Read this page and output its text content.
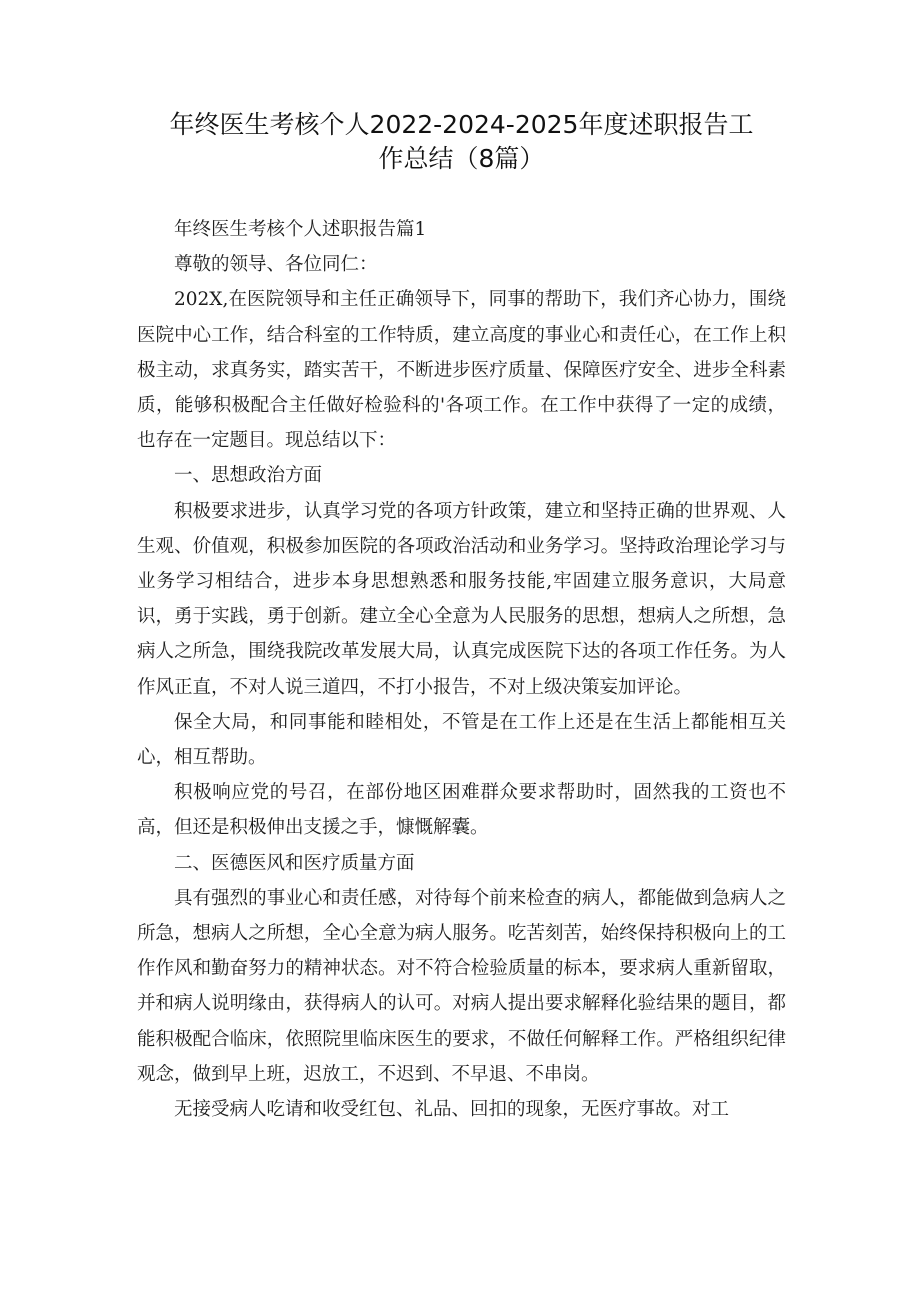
年终医生考核个人2022-2024-2025年度述职报告工
作总结（8篇）

年终医生考核个人述职报告篇1

尊敬的领导、各位同仁：

202X,在医院领导和主任正确领导下，同事的帮助下，我们齐心协力，围绕医院中心工作，结合科室的工作特质，建立高度的事业心和责任心，在工作上积极主动，求真务实，踏实苦干，不断进步医疗质量、保障医疗安全、进步全科素质，能够积极配合主任做好检验科的'各项工作。在工作中获得了一定的成绩，也存在一定题目。现总结以下：

一、思想政治方面

积极要求进步，认真学习党的各项方针政策，建立和坚持正确的世界观、人生观、价值观，积极参加医院的各项政治活动和业务学习。坚持政治理论学习与业务学习相结合，进步本身思想熟悉和服务技能,牢固建立服务意识，大局意识，勇于实践，勇于创新。建立全心全意为人民服务的思想，想病人之所想，急病人之所急，围绕我院改革发展大局，认真完成医院下达的各项工作任务。为人作风正直，不对人说三道四，不打小报告，不对上级决策妄加评论。

保全大局，和同事能和睦相处，不管是在工作上还是在生活上都能相互关心，相互帮助。

积极响应党的号召，在部份地区困难群众要求帮助时，固然我的工资也不高，但还是积极伸出支援之手，慷慨解囊。

二、医德医风和医疗质量方面

具有强烈的事业心和责任感，对待每个前来检查的病人，都能做到急病人之所急，想病人之所想，全心全意为病人服务。吃苦刻苦，始终保持积极向上的工作作风和勤奋努力的精神状态。对不符合检验质量的标本，要求病人重新留取，并和病人说明缘由，获得病人的认可。对病人提出要求解释化验结果的题目，都能积极配合临床，依照院里临床医生的要求，不做任何解释工作。严格组织纪律观念，做到早上班，迟放工，不迟到、不早退、不串岗。

无接受病人吃请和收受红包、礼品、回扣的现象，无医疗事故。对工
